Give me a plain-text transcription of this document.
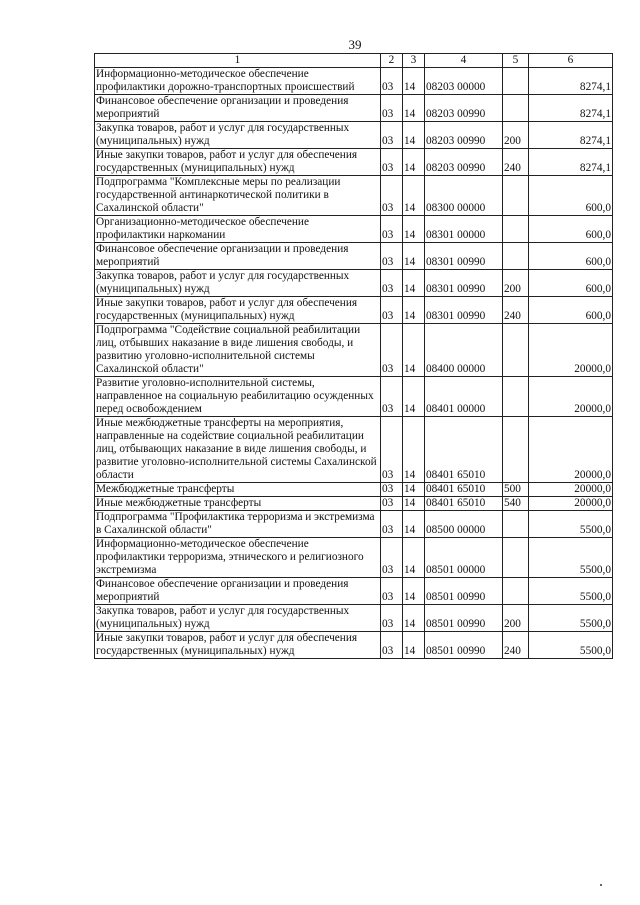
39
1	2	3	4	5	6
Информационно-методическое обеспечение профилактики дорожно-транспортных происшествий	03	14	08203 00000		8274,1
Финансовое обеспечение организации и проведения мероприятий	03	14	08203 00990		8274,1
Закупка товаров, работ и услуг для государственных (муниципальных) нужд	03	14	08203 00990	200	8274,1
Иные закупки товаров, работ и услуг для обеспечения государственных (муниципальных) нужд	03	14	08203 00990	240	8274,1
Подпрограмма "Комплексные меры по реализации государственной антинаркотической политики в Сахалинской области"	03	14	08300 00000		600,0
Организационно-методическое обеспечение профилактики наркомании	03	14	08301 00000		600,0
Финансовое обеспечение организации и проведения мероприятий	03	14	08301 00990		600,0
Закупка товаров, работ и услуг для государственных (муниципальных) нужд	03	14	08301 00990	200	600,0
Иные закупки товаров, работ и услуг для обеспечения государственных (муниципальных) нужд	03	14	08301 00990	240	600,0
Подпрограмма "Содействие социальной реабилитации лиц, отбывших наказание в виде лишения свободы, и развитию уголовно-исполнительной системы Сахалинской области"	03	14	08400 00000		20000,0
Развитие уголовно-исполнительной системы, направленное на социальную реабилитацию осужденных перед освобождением	03	14	08401 00000		20000,0
Иные межбюджетные трансферты на мероприятия, направленные на содействие социальной реабилитации лиц, отбывающих наказание в виде лишения свободы, и развитие уголовно-исполнительной системы Сахалинской области	03	14	08401 65010		20000,0
Межбюджетные трансферты	03	14	08401 65010	500	20000,0
Иные межбюджетные трансферты	03	14	08401 65010	540	20000,0
Подпрограмма "Профилактика терроризма и экстремизма в Сахалинской области"	03	14	08500 00000		5500,0
Информационно-методическое обеспечение профилактики терроризма, этнического и религиозного экстремизма	03	14	08501 00000		5500,0
Финансовое обеспечение организации и проведения мероприятий	03	14	08501 00990		5500,0
Закупка товаров, работ и услуг для государственных (муниципальных) нужд	03	14	08501 00990	200	5500,0
Иные закупки товаров, работ и услуг для обеспечения государственных (муниципальных) нужд	03	14	08501 00990	240	5500,0
